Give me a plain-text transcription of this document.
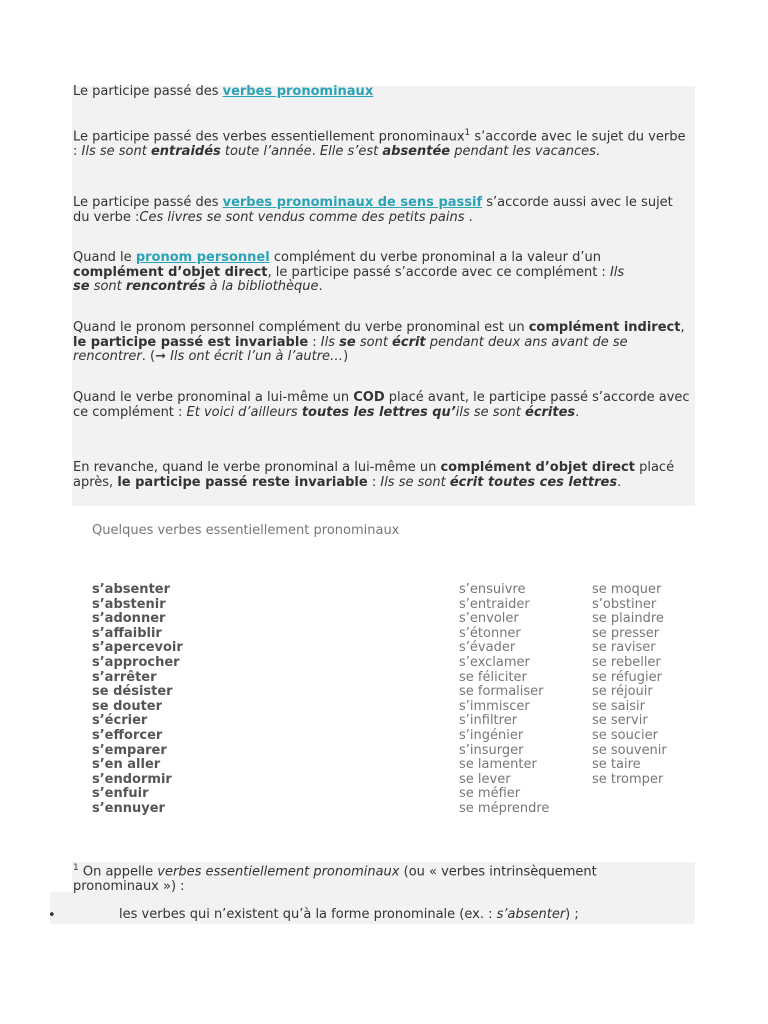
Le participe passé des verbes pronominaux

Le participe passé des verbes essentiellement pronominaux$^1$ s’accorde avec le sujet du verbe : Ils se sont entraidés toute l’année. Elle s’est absentée pendant les vacances.

Le participe passé des verbes pronominaux de sens passif s’accorde aussi avec le sujet du verbe :Ces livres se sont vendus comme des petits pains .

Quand le pronom personnel complément du verbe pronominal a la valeur d’un complément d’objet direct, le participe passé s’accorde avec ce complément : Ils se sont rencontrés à la bibliothèque.

Quand le pronom personnel complément du verbe pronominal est un complément indirect, le participe passé est invariable : Ils se sont écrit pendant deux ans avant de se rencontrer. (➞ Ils ont écrit l’un à l’autre…)

Quand le verbe pronominal a lui-même un COD placé avant, le participe passé s’accorde avec ce complément : Et voici d’ailleurs toutes les lettres qu’ils se sont écrites.

En revanche, quand le verbe pronominal a lui-même un complément d’objet direct placé après, le participe passé reste invariable : Ils se sont écrit toutes ces lettres.

Quelques verbes essentiellement pronominaux
s’absenter
s’abstenir
s’adonner
s’affaiblir
s’apercevoir
s’approcher
s’arrêter
se désister
se douter
s’écrier
s’efforcer
s’emparer
s’en aller
s’endormir
s’enfuir
s’ennuyer
s’ensuivre
s’entraider
s’envoler
s’étonner
s’évader
s’exclamer
se féliciter
se formaliser
s’immiscer
s’infiltrer
s’ingénier
s’insurger
se lamenter
se lever
se méfier
se méprendre
se moquer
s’obstiner
se plaindre
se presser
se raviser
se rebeller
se réfugier
se réjouir
se saisir
se servir
se soucier
se souvenir
se taire
se tromper

$^1$ On appelle verbes essentiellement pronominaux (ou « verbes intrinsèquement pronominaux ») :

•	les verbes qui n’existent qu’à la forme pronominale (ex. : s’absenter) ;
